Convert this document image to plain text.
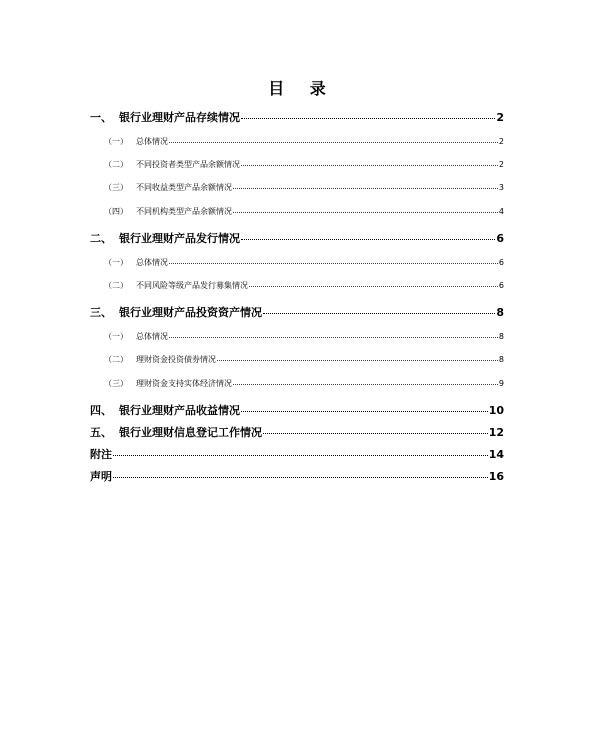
目 录
一、 银行业理财产品存续情况	2
（一）	总体情况	2
（二）	不同投资者类型产品余额情况	2
（三）	不同收益类型产品余额情况	3
（四）	不同机构类型产品余额情况	4
二、 银行业理财产品发行情况	6
（一）	总体情况	6
（二）	不同风险等级产品发行募集情况	6
三、 银行业理财产品投资资产情况	8
（一）	总体情况	8
（二）	理财资金投资债券情况	8
（三）	理财资金支持实体经济情况	9
四、 银行业理财产品收益情况	10
五、 银行业理财信息登记工作情况	12
附注	14
声明	16
